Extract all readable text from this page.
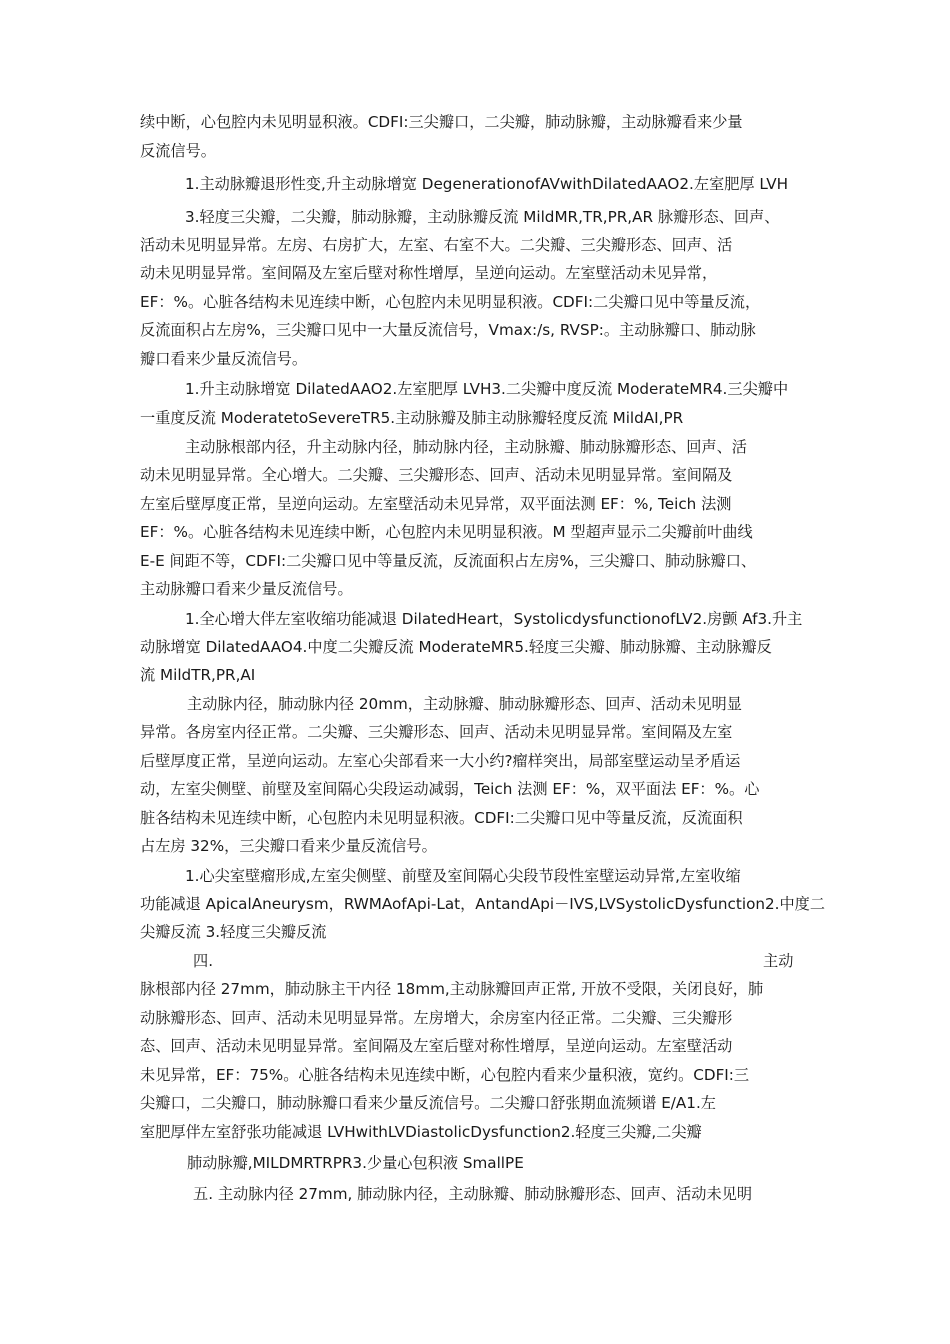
续中断，心包腔内未见明显积液。CDFI:三尖瓣口，二尖瓣，肺动脉瓣，主动脉瓣看来少量
反流信号。
1.主动脉瓣退形性变,升主动脉增宽 DegenerationofAVwithDilatedAAO2.左室肥厚 LVH
3.轻度三尖瓣，二尖瓣，肺动脉瓣，主动脉瓣反流 MildMR,TR,PR,AR 脉瓣形态、回声、
活动未见明显异常。左房、右房扩大，左室、右室不大。二尖瓣、三尖瓣形态、回声、活
动未见明显异常。室间隔及左室后壁对称性增厚，呈逆向运动。左室壁活动未见异常，
EF：%。心脏各结构未见连续中断，心包腔内未见明显积液。CDFI:二尖瓣口见中等量反流，
反流面积占左房%，三尖瓣口见中一大量反流信号，Vmax:/s, RVSP:。主动脉瓣口、肺动脉
瓣口看来少量反流信号。
1.升主动脉增宽 DilatedAAO2.左室肥厚 LVH3.二尖瓣中度反流 ModerateMR4.三尖瓣中
一重度反流 ModeratetoSevereTR5.主动脉瓣及肺主动脉瓣轻度反流 MildAI,PR
主动脉根部内径，升主动脉内径，肺动脉内径，主动脉瓣、肺动脉瓣形态、回声、活
动未见明显异常。全心增大。二尖瓣、三尖瓣形态、回声、活动未见明显异常。室间隔及
左室后壁厚度正常，呈逆向运动。左室壁活动未见异常，双平面法测 EF：%, Teich 法测
EF：%。心脏各结构未见连续中断，心包腔内未见明显积液。M 型超声显示二尖瓣前叶曲线
E-E 间距不等，CDFI:二尖瓣口见中等量反流，反流面积占左房%，三尖瓣口、肺动脉瓣口、
主动脉瓣口看来少量反流信号。
1.全心增大伴左室收缩功能减退 DilatedHeart，SystolicdysfunctionofLV2.房颤 Af3.升主
动脉增宽 DilatedAAO4.中度二尖瓣反流 ModerateMR5.轻度三尖瓣、肺动脉瓣、主动脉瓣反
流 MildTR,PR,AI
主动脉内径，肺动脉内径 20mm，主动脉瓣、肺动脉瓣形态、回声、活动未见明显
异常。各房室内径正常。二尖瓣、三尖瓣形态、回声、活动未见明显异常。室间隔及左室
后壁厚度正常，呈逆向运动。左室心尖部看来一大小约?瘤样突出，局部室壁运动呈矛盾运
动，左室尖侧壁、前壁及室间隔心尖段运动减弱，Teich 法测 EF：%，双平面法 EF：%。心
脏各结构未见连续中断，心包腔内未见明显积液。CDFI:二尖瓣口见中等量反流，反流面积
占左房 32%，三尖瓣口看来少量反流信号。
1.心尖室壁瘤形成,左室尖侧壁、前壁及室间隔心尖段节段性室壁运动异常,左室收缩
功能减退 ApicalAneurysm，RWMAofApi-Lat，AntandApi－IVS,LVSystolicDysfunction2.中度二
尖瓣反流 3.轻度三尖瓣反流
四.	主动
脉根部内径 27mm，肺动脉主干内径 18mm,主动脉瓣回声正常, 开放不受限，关闭良好，肺
动脉瓣形态、回声、活动未见明显异常。左房增大，余房室内径正常。二尖瓣、三尖瓣形
态、回声、活动未见明显异常。室间隔及左室后壁对称性增厚，呈逆向运动。左室壁活动
未见异常，EF：75%。心脏各结构未见连续中断，心包腔内看来少量积液，宽约。CDFI:三
尖瓣口，二尖瓣口，肺动脉瓣口看来少量反流信号。二尖瓣口舒张期血流频谱 E/A1.左
室肥厚伴左室舒张功能减退 LVHwithLVDiastolicDysfunction2.轻度三尖瓣,二尖瓣
肺动脉瓣,MILDMRTRPR3.少量心包积液 SmallPE
五. 主动脉内径 27mm, 肺动脉内径，主动脉瓣、肺动脉瓣形态、回声、活动未见明
